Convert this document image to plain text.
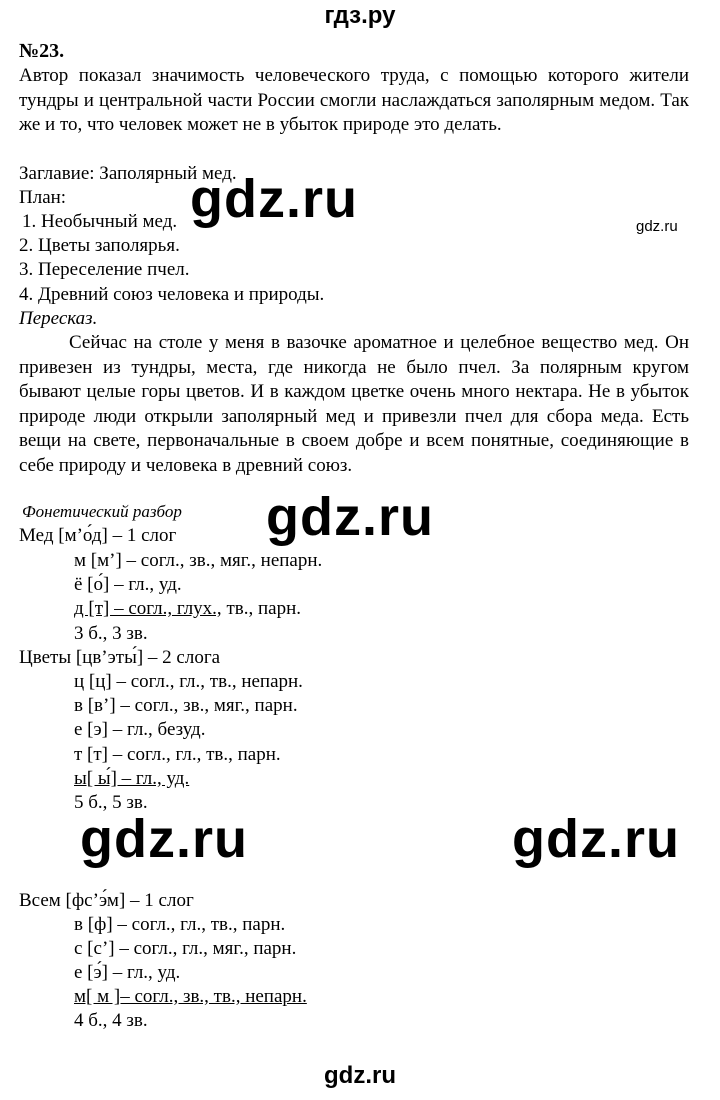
гдз.ру
№23.
Автор показал значимость человеческого труда, с помощью которого жители тундры и центральной части России смогли наслаждаться заполярным медом. Так же и то, что человек может не в убыток природе это делать.
Заглавие: Заполярный мед.
План:
1. Необычный мед.
2. Цветы заполярья.
3. Переселение пчел.
4. Древний союз человека и природы.
Пересказ.
Сейчас на столе у меня в вазочке ароматное и целебное вещество мед. Он привезен из тундры, места, где никогда не было пчел. За полярным кругом бывают целые горы цветов. И в каждом цветке очень много нектара. Не в убыток природе люди открыли заполярный мед и привезли пчел для сбора меда. Есть вещи на свете, первоначальные в своем добре и всем понятные, соединяющие в себе природу и человека в древний союз.
Фонетический разбор
Мед [м’о́д] – 1 слог
м [м’] – согл., зв., мяг., непарн.
ё [о́] – гл., уд.
д [т] – согл., глух., тв., парн.
3 б., 3 зв.
Цветы [цв’эты́] – 2 слога
ц [ц] – согл., гл., тв., непарн.
в [в’] – согл., зв., мяг., парн.
е [э] – гл., безуд.
т [т] – согл., гл., тв., парн.
ы[ ы́] – гл., уд.
5 б., 5 зв.
Всем [фс’э́м] – 1 слог
в [ф] – согл., гл., тв., парн.
с [с’] – согл., гл., мяг., парн.
е [э́] – гл., уд.
м[ м ]– согл., зв., тв., непарн.
4 б., 4 зв.
gdz.ru	gdz.ru
gdz.ru
gdz.ru	gdz.ru
gdz.ru
